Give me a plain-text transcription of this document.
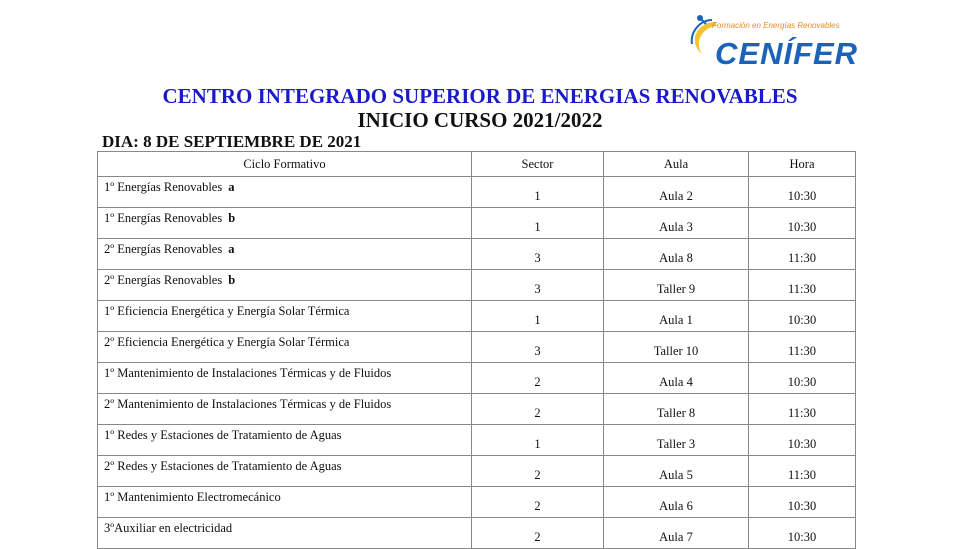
Formación en Energías Renovables
CENÍFER
CENTRO INTEGRADO SUPERIOR DE ENERGIAS RENOVABLES
INICIO CURSO 2021/2022
DIA: 8 DE SEPTIEMBRE DE 2021
Ciclo Formativo	Sector	Aula	Hora
1º Energías Renovables a	1	Aula 2	10:30
1º Energías Renovables b	1	Aula 3	10:30
2º Energías Renovables a	3	Aula 8	11:30
2º Energías Renovables b	3	Taller 9	11:30
1º Eficiencia Energética y Energía Solar Térmica	1	Aula 1	10:30
2º Eficiencia Energética y Energía Solar Térmica	3	Taller 10	11:30
1º Mantenimiento de Instalaciones Térmicas y de Fluidos	2	Aula 4	10:30
2º Mantenimiento de Instalaciones Térmicas y de Fluidos	2	Taller 8	11:30
1º Redes y Estaciones de Tratamiento de Aguas	1	Taller 3	10:30
2º Redes y Estaciones de Tratamiento de Aguas	2	Aula 5	11:30
1º Mantenimiento Electromecánico	2	Aula 6	10:30
3ºAuxiliar en electricidad	2	Aula 7	10:30
